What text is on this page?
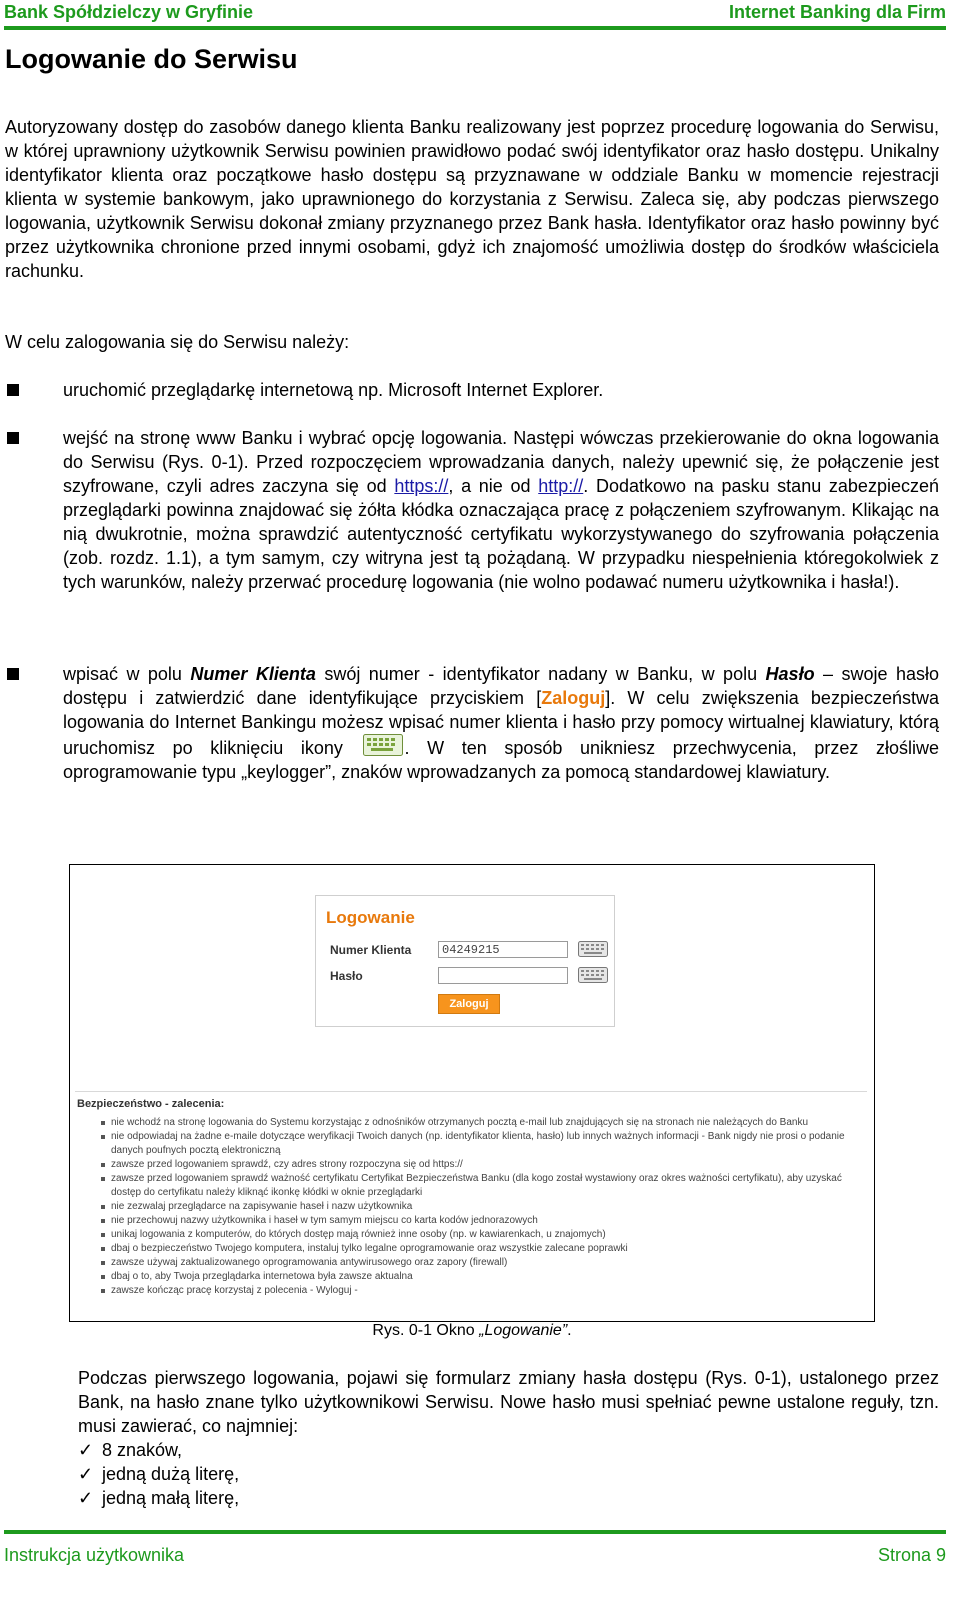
Bank Spółdzielczy w Gryfinie	Internet Banking dla Firm
Logowanie do Serwisu
Autoryzowany dostęp do zasobów danego klienta Banku realizowany jest poprzez procedurę logowania do Serwisu, w której uprawniony użytkownik Serwisu powinien prawidłowo podać swój identyfikator oraz hasło dostępu. Unikalny identyfikator klienta oraz początkowe hasło dostępu są przyznawane w oddziale Banku w momencie rejestracji klienta w systemie bankowym, jako uprawnionego do korzystania z Serwisu. Zaleca się, aby podczas pierwszego logowania, użytkownik Serwisu dokonał zmiany przyznanego przez Bank hasła. Identyfikator oraz hasło powinny być przez użytkownika chronione przed innymi osobami, gdyż ich znajomość umożliwia dostęp do środków właściciela rachunku.
W celu zalogowania się do Serwisu należy:
uruchomić przeglądarkę internetową np. Microsoft Internet Explorer.
wejść na stronę www Banku i wybrać opcję logowania. Następi wówczas przekierowanie do okna logowania do Serwisu (Rys. 0-1). Przed rozpoczęciem wprowadzania danych, należy upewnić się, że połączenie jest szyfrowane, czyli adres zaczyna się od https://, a nie od http://. Dodatkowo na pasku stanu zabezpieczeń przeglądarki powinna znajdować się żółta kłódka oznaczająca pracę z połączeniem szyfrowanym. Klikając na nią dwukrotnie, można sprawdzić autentyczność certyfikatu wykorzystywanego do szyfrowania połączenia (zob. rozdz. 1.1), a tym samym, czy witryna jest tą pożądaną. W przypadku niespełnienia któregokolwiek z tych warunków, należy przerwać procedurę logowania (nie wolno podawać numeru użytkownika i hasła!).
wpisać w polu Numer Klienta swój numer - identyfikator nadany w Banku, w polu Hasło – swoje hasło dostępu i zatwierdzić dane identyfikujące przyciskiem [Zaloguj]. W celu zwiększenia bezpieczeństwa logowania do Internet Bankingu możesz wpisać numer klienta i hasło przy pomocy wirtualnej klawiatury, którą uruchomisz po kliknięciu ikony . W ten sposób unikniesz przechwycenia, przez złośliwe oprogramowanie typu „keylogger”, znaków wprowadzanych za pomocą standardowej klawiatury.
Logowanie
Numer Klienta	04249215
Hasło
Zaloguj
Bezpieczeństwo - zalecenia:
nie wchodź na stronę logowania do Systemu korzystając z odnośników otrzymanych pocztą e-mail lub znajdujących się na stronach nie należących do Banku
nie odpowiadaj na żadne e-maile dotyczące weryfikacji Twoich danych (np. identyfikator klienta, hasło) lub innych ważnych informacji - Bank nigdy nie prosi o podanie danych poufnych pocztą elektroniczną
zawsze przed logowaniem sprawdź, czy adres strony rozpoczyna się od https://
zawsze przed logowaniem sprawdź ważność certyfikatu Certyfikat Bezpieczeństwa Banku (dla kogo został wystawiony oraz okres ważności certyfikatu), aby uzyskać dostęp do certyfikatu należy kliknąć ikonkę kłódki w oknie przeglądarki
nie zezwalaj przeglądarce na zapisywanie haseł i nazw użytkownika
nie przechowuj nazwy użytkownika i haseł w tym samym miejscu co karta kodów jednorazowych
unikaj logowania z komputerów, do których dostęp mają również inne osoby (np. w kawiarenkach, u znajomych)
dbaj o bezpieczeństwo Twojego komputera, instaluj tylko legalne oprogramowanie oraz wszystkie zalecane poprawki
zawsze używaj zaktualizowanego oprogramowania antywirusowego oraz zapory (firewall)
dbaj o to, aby Twoja przeglądarka internetowa była zawsze aktualna
zawsze kończąc pracę korzystaj z polecenia - Wyloguj -
Rys. 0-1 Okno „Logowanie”.
Podczas pierwszego logowania, pojawi się formularz zmiany hasła dostępu (Rys. 0-1), ustalonego przez Bank, na hasło znane tylko użytkownikowi Serwisu. Nowe hasło musi spełniać pewne ustalone reguły, tzn. musi zawierać, co najmniej:
✓ 8 znaków,
✓ jedną dużą literę,
✓ jedną małą literę,
Instrukcja użytkownika	Strona 9
